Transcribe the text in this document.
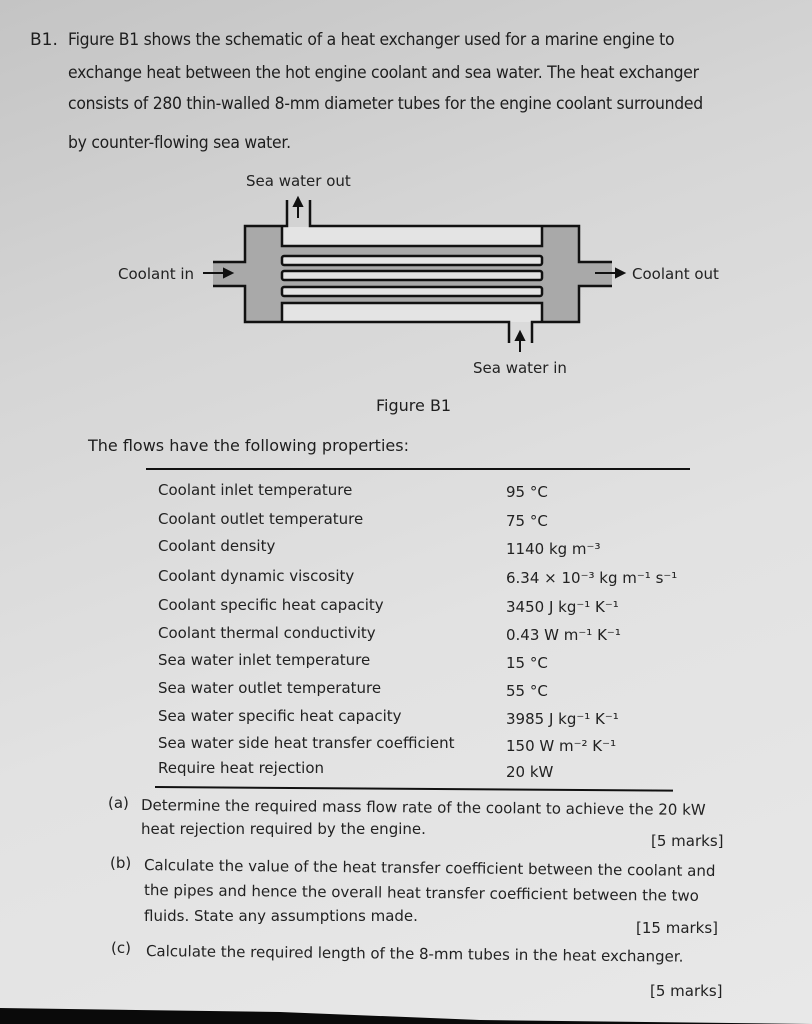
B1. Figure B1 shows the schematic of a heat exchanger used for a marine engine to
exchange heat between the hot engine coolant and sea water. The heat exchanger
consists of 280 thin-walled 8-mm diameter tubes for the engine coolant surrounded
by counter-flowing sea water.
Sea water out
Coolant in	Coolant out
Sea water in
Figure B1
The flows have the following properties:
Coolant inlet temperature	95 °C
Coolant outlet temperature	75 °C
Coolant density	1140 kg m⁻³
Coolant dynamic viscosity	6.34 × 10⁻³ kg m⁻¹ s⁻¹
Coolant specific heat capacity	3450 J kg⁻¹ K⁻¹
Coolant thermal conductivity	0.43 W m⁻¹ K⁻¹
Sea water inlet temperature	15 °C
Sea water outlet temperature	55 °C
Sea water specific heat capacity	3985 J kg⁻¹ K⁻¹
Sea water side heat transfer coefficient	150 W m⁻² K⁻¹
Require heat rejection	20 kW
(a) Determine the required mass flow rate of the coolant to achieve the 20 kW
heat rejection required by the engine.
[5 marks]
(b) Calculate the value of the heat transfer coefficient between the coolant and
the pipes and hence the overall heat transfer coefficient between the two
fluids. State any assumptions made.
[15 marks]
(c) Calculate the required length of the 8-mm tubes in the heat exchanger.
[5 marks]
